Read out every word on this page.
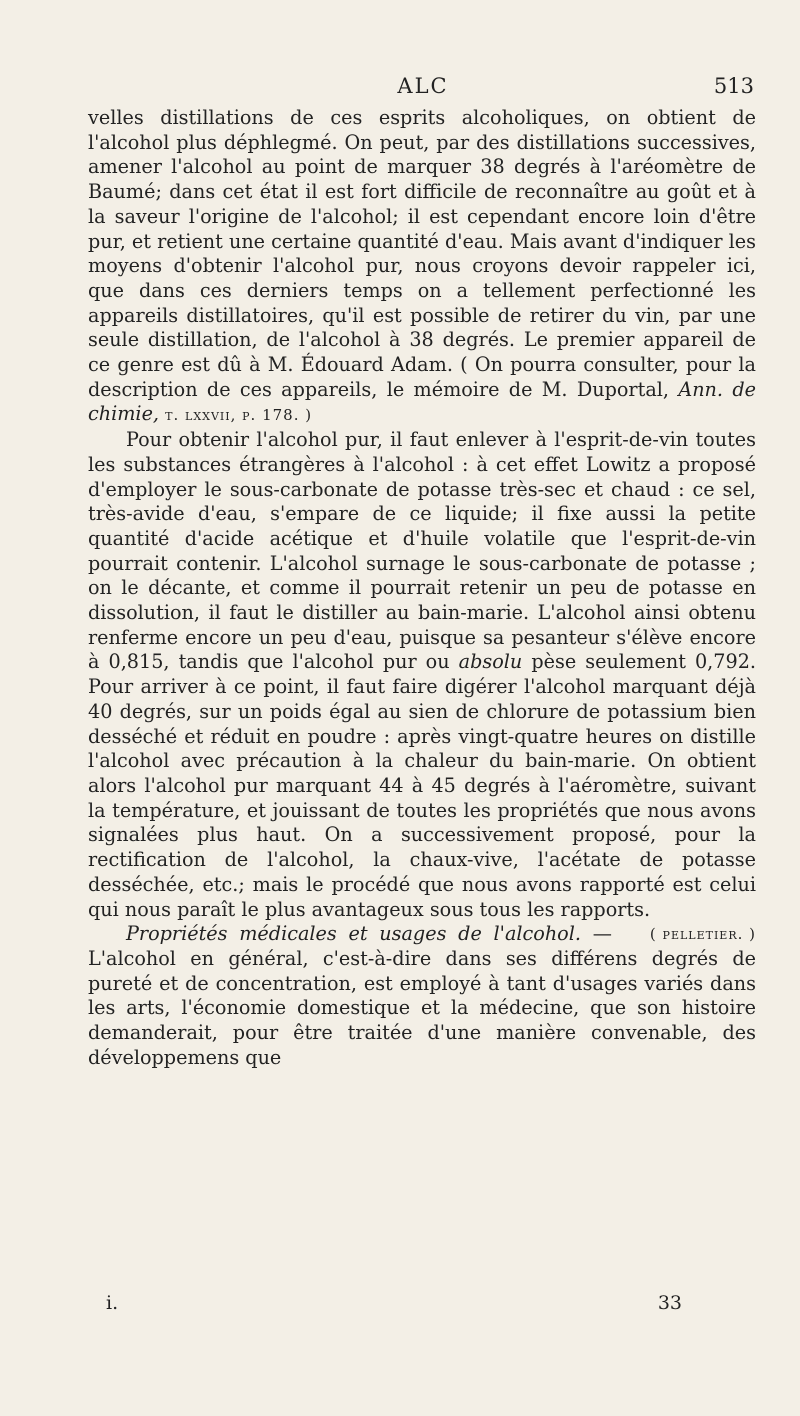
ALC	513

velles distillations de ces esprits alcoholiques, on obtient de l'alcohol plus déphlegmé. On peut, par des distillations successives, amener l'alcohol au point de marquer 38 degrés à l'aréomètre de Baumé; dans cet état il est fort difficile de reconnaître au goût et à la saveur l'origine de l'alcohol; il est cependant encore loin d'être pur, et retient une certaine quantité d'eau. Mais avant d'indiquer les moyens d'obtenir l'alcohol pur, nous croyons devoir rappeler ici, que dans ces derniers temps on a tellement perfectionné les appareils distillatoires, qu'il est possible de retirer du vin, par une seule distillation, de l'alcohol à 38 degrés. Le premier appareil de ce genre est dû à M. Édouard Adam. ( On pourra consulter, pour la description de ces appareils, le mémoire de M. Duportal, Ann. de chimie, t. lxxvii, p. 178. )

Pour obtenir l'alcohol pur, il faut enlever à l'esprit-de-vin toutes les substances étrangères à l'alcohol : à cet effet Lowitz a proposé d'employer le sous-carbonate de potasse très-sec et chaud : ce sel, très-avide d'eau, s'empare de ce liquide; il fixe aussi la petite quantité d'acide acétique et d'huile volatile que l'esprit-de-vin pourrait contenir. L'alcohol surnage le sous-carbonate de potasse ; on le décante, et comme il pourrait retenir un peu de potasse en dissolution, il faut le distiller au bain-marie. L'alcohol ainsi obtenu renferme encore un peu d'eau, puisque sa pesanteur s'élève encore à 0,815, tandis que l'alcohol pur ou absolu pèse seulement 0,792. Pour arriver à ce point, il faut faire digérer l'alcohol marquant déjà 40 degrés, sur un poids égal au sien de chlorure de potassium bien desséché et réduit en poudre : après vingt-quatre heures on distille l'alcohol avec précaution à la chaleur du bain-marie. On obtient alors l'alcohol pur marquant 44 à 45 degrés à l'aéromètre, suivant la température, et jouissant de toutes les propriétés que nous avons signalées plus haut. On a successivement proposé, pour la rectification de l'alcohol, la chaux-vive, l'acétate de potasse desséchée, etc.; mais le procédé que nous avons rapporté est celui qui nous paraît le plus avantageux sous tous les rapports.
( pelletier. )

Propriétés médicales et usages de l'alcohol. — L'alcohol en général, c'est-à-dire dans ses différens degrés de pureté et de concentration, est employé à tant d'usages variés dans les arts, l'économie domestique et la médecine, que son histoire demanderait, pour être traitée d'une manière convenable, des développemens que

i.	33
